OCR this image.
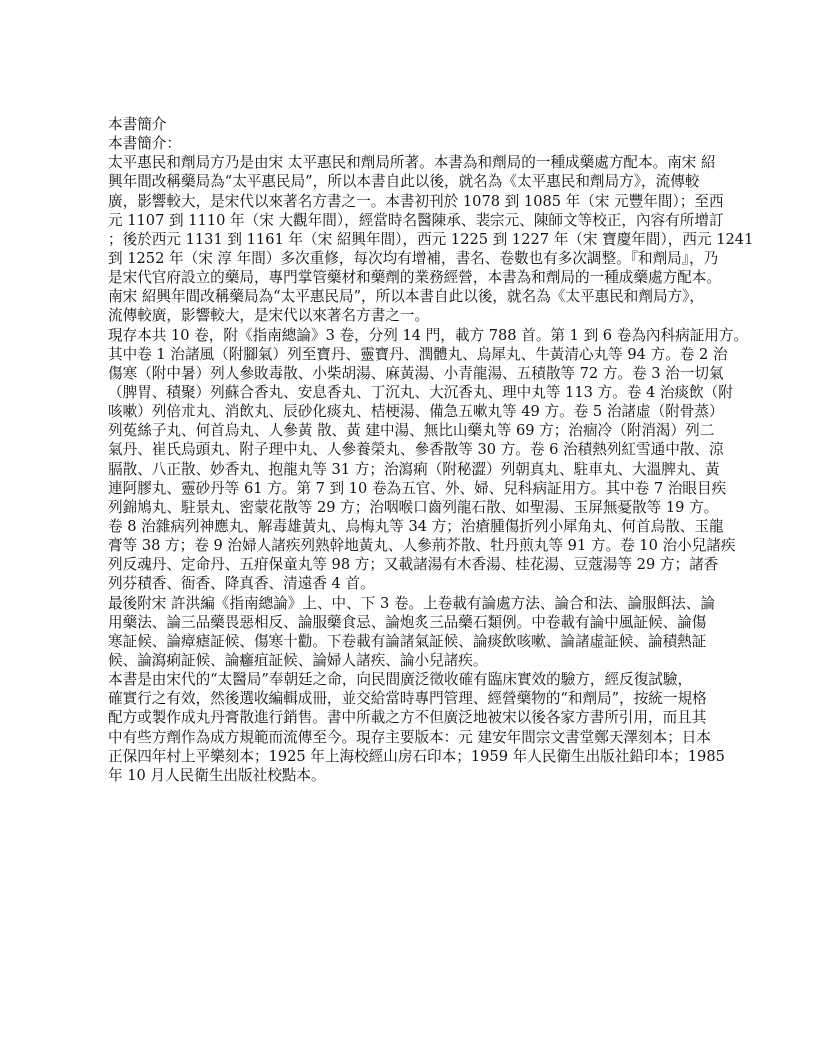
本書簡介
本書簡介：
太平惠民和劑局方乃是由宋 太平惠民和劑局所著。本書為和劑局的一種成藥處方配本。南宋 紹
興年間改稱藥局為“太平惠民局”，所以本書自此以後，就名為《太平惠民和劑局方》，流傳較
廣，影響較大，是宋代以來著名方書之一。本書初刊於 1078 到 1085 年（宋 元豐年間）；至西
元 1107 到 1110 年（宋 大觀年間），經當時名醫陳承、裴宗元、陳師文等校正，內容有所增訂
；後於西元 1131 到 1161 年（宋 紹興年間），西元 1225 到 1227 年（宋 寶慶年間），西元 1241
到 1252 年（宋 淳 年間）多次重修，每次均有增補，書名、卷數也有多次調整。『和劑局』，乃
是宋代官府設立的藥局，專門掌管藥材和藥劑的業務經營，本書為和劑局的一種成藥處方配本。
南宋 紹興年間改稱藥局為“太平惠民局”，所以本書自此以後，就名為《太平惠民和劑局方》，
流傳較廣，影響較大，是宋代以來著名方書之一。
現存本共 10 卷，附《指南總論》3 卷，分列 14 門，載方 788 首。第 1 到 6 卷為內科病証用方。
其中卷 1 治諸風（附腳氣）列至寶丹、靈寶丹、潤體丸、烏犀丸、牛黃清心丸等 94 方。卷 2 治
傷寒（附中暑）列人參敗毒散、小柴胡湯、麻黃湯、小青龍湯、五積散等 72 方。卷 3 治一切氣
（脾胃、積聚）列蘇合香丸、安息香丸、丁沉丸、大沉香丸、理中丸等 113 方。卷 4 治痰飲（附
咳嗽）列倍朮丸、消飲丸、辰砂化痰丸、桔梗湯、備急五嗽丸等 49 方。卷 5 治諸虛（附骨蒸）
列菟絲子丸、何首烏丸、人參黃 散、黃 建中湯、無比山藥丸等 69 方；治痼冷（附消渴）列二
氣丹、崔氏烏頭丸、附子理中丸、人參養榮丸、參香散等 30 方。卷 6 治積熱列紅雪通中散、涼
膈散、八正散、妙香丸、抱龍丸等 31 方；治瀉痢（附秘澀）列朝真丸、駐車丸、大溫脾丸、黃
連阿膠丸、靈砂丹等 61 方。第 7 到 10 卷為五官、外、婦、兒科病証用方。其中卷 7 治眼目疾
列錦鳩丸、駐景丸、密蒙花散等 29 方；治咽喉口齒列龍石散、如聖湯、玉屏無憂散等 19 方。
卷 8 治雜病列神應丸、解毒雄黃丸、烏梅丸等 34 方；治瘡腫傷折列小犀角丸、何首烏散、玉龍
膏等 38 方；卷 9 治婦人諸疾列熟幹地黃丸、人參荊芥散、牡丹煎丸等 91 方。卷 10 治小兒諸疾
列反魂丹、定命丹、五疳保童丸等 98 方；又載諸湯有木香湯、桂花湯、豆蔻湯等 29 方；諸香
列芬積香、衙香、降真香、清遠香 4 首。
最後附宋 許洪編《指南總論》上、中、下 3 卷。上卷載有論處方法、論合和法、論服餌法、論
用藥法、論三品藥畏惡相反、論服藥食忌、論炮炙三品藥石類例。中卷載有論中風証候、論傷
寒証候、論瘴瘧証候、傷寒十勸。下卷載有論諸氣証候、論痰飲咳嗽、論諸虛証候、論積熱証
候、論瀉痢証候、論癰疽証候、論婦人諸疾、論小兒諸疾。
本書是由宋代的“太醫局”奉朝廷之命，向民間廣泛徵收確有臨床實效的驗方，經反復試驗，
確實行之有效，然後選收編輯成冊，並交給當時專門管理、經營藥物的“和劑局”，按統一規格
配方或製作成丸丹膏散進行銷售。書中所載之方不但廣泛地被宋以後各家方書所引用，而且其
中有些方劑作為成方規範而流傳至今。現存主要版本：元 建安年間宗文書堂鄭天澤刻本；日本
正保四年村上平樂刻本；1925 年上海校經山房石印本；1959 年人民衛生出版社鉛印本；1985
年 10 月人民衛生出版社校點本。
